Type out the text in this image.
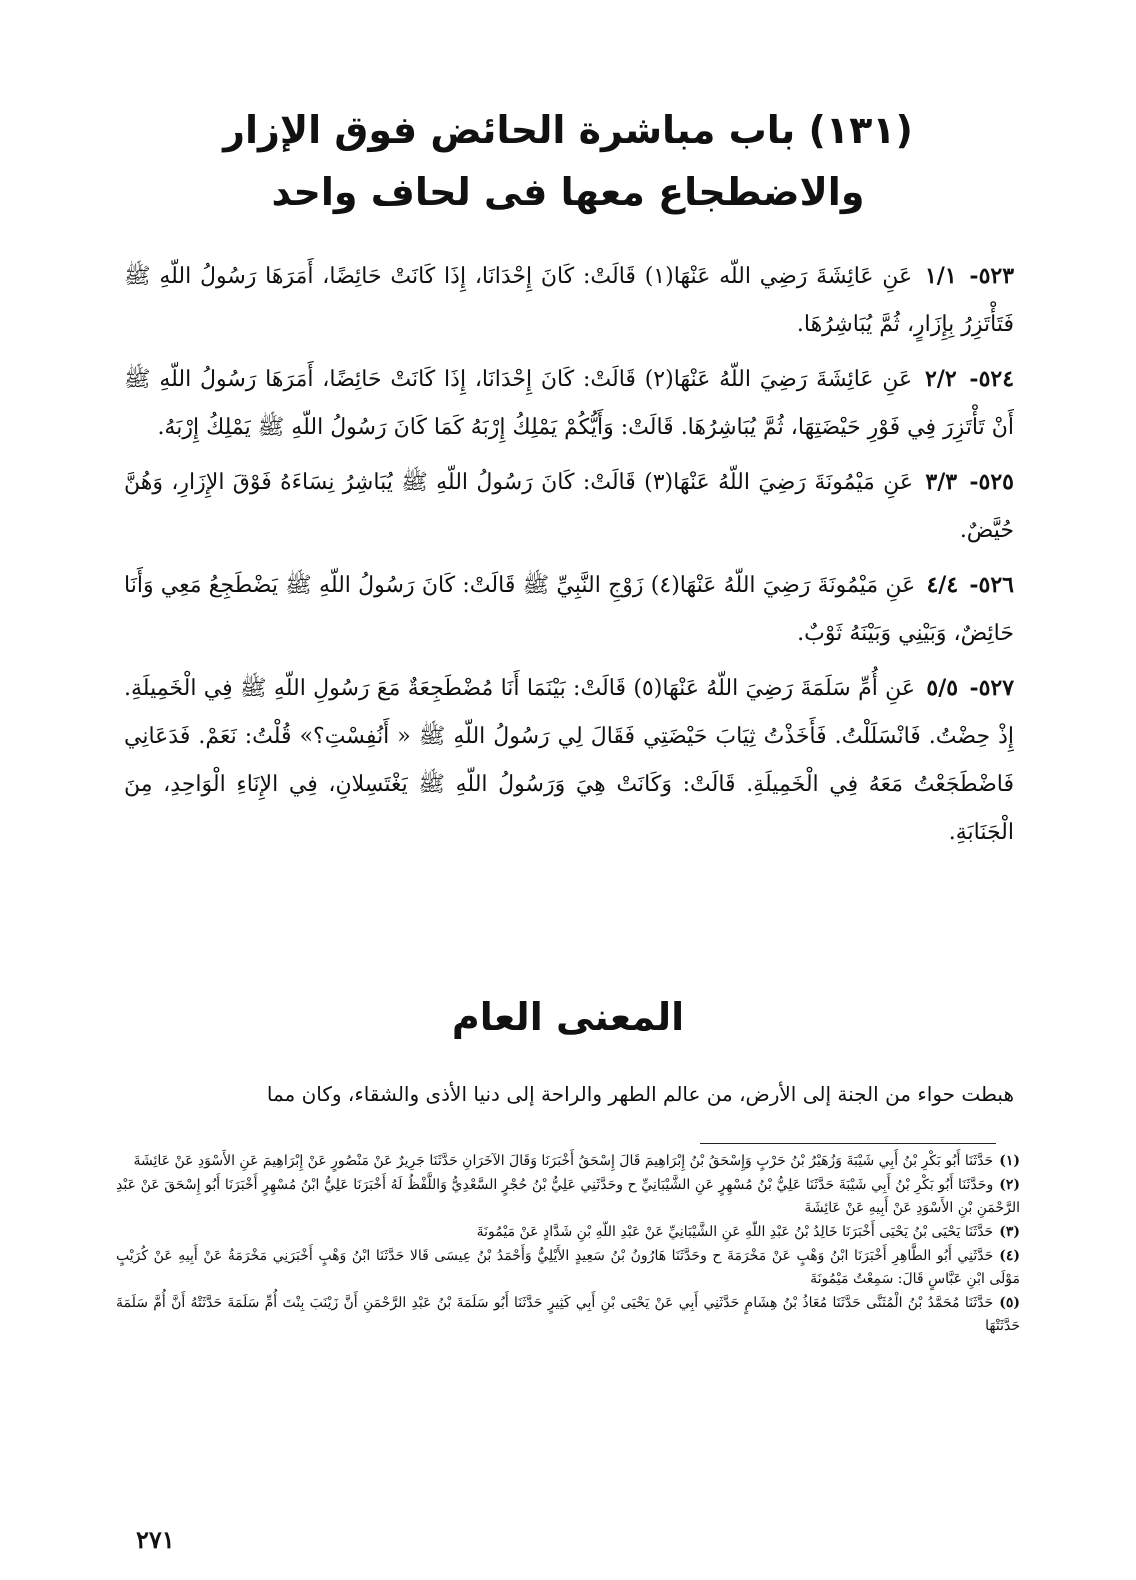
(١٣١) باب مباشرة الحائض فوق الإزار
والاضطجاع معها فى لحاف واحد

٥٢٣- ١/١ عَنِ عَائِشَةَ رَضِي اللّه عَنْهَا(١) قَالَتْ: كَانَ إِحْدَانَا، إِذَا كَانَتْ حَائِضًا، أَمَرَهَا رَسُولُ اللّهِ ﷺ فَتَأْتَزِرُ بِإِزَارٍ، ثُمَّ يُبَاشِرُهَا.

٥٢٤- ٢/٢ عَنِ عَائِشَةَ رَضِيَ اللّهُ عَنْهَا(٢) قَالَتْ: كَانَ إِحْدَانَا، إِذَا كَانَتْ حَائِضًا، أَمَرَهَا رَسُولُ اللّهِ ﷺ أَنْ تَأْتَزِرَ فِي فَوْرِ حَيْضَتِهَا، ثُمَّ يُبَاشِرُهَا. قَالَتْ: وَأَيُّكُمْ يَمْلِكُ إِرْبَهُ كَمَا كَانَ رَسُولُ اللّهِ ﷺ يَمْلِكُ إِرْبَهُ.

٥٢٥- ٣/٣ عَنِ مَيْمُونَةَ رَضِيَ اللّهُ عَنْهَا(٣) قَالَتْ: كَانَ رَسُولُ اللّهِ ﷺ يُبَاشِرُ نِسَاءَهُ فَوْقَ الإِزَارِ، وَهُنَّ حُيَّضٌ.

٥٢٦- ٤/٤ عَنِ مَيْمُونَةَ رَضِيَ اللّهُ عَنْهَا(٤) زَوْجِ النَّبِيِّ ﷺ قَالَتْ: كَانَ رَسُولُ اللّهِ ﷺ يَضْطَجِعُ مَعِي وَأَنَا حَائِضٌ، وَبَيْنِي وَبَيْنَهُ ثَوْبٌ.

٥٢٧- ٥/٥ عَنِ أُمِّ سَلَمَةَ رَضِيَ اللّهُ عَنْهَا(٥) قَالَتْ: بَيْنَمَا أَنَا مُضْطَجِعَةٌ مَعَ رَسُولِ اللّهِ ﷺ فِي الْخَمِيلَةِ. إِذْ حِضْتُ. فَانْسَلَلْتُ. فَأَخَذْتُ ثِيَابَ حَيْضَتِي فَقَالَ لِي رَسُولُ اللّهِ ﷺ « أَنُفِسْتِ؟» قُلْتُ: نَعَمْ. فَدَعَانِي فَاضْطَجَعْتُ مَعَهُ فِي الْخَمِيلَةِ. قَالَتْ: وَكَانَتْ هِيَ وَرَسُولُ اللّهِ ﷺ يَغْتَسِلانِ، فِي الإِنَاءِ الْوَاحِدِ، مِنَ الْجَنَابَةِ.

المعنى العام

هبطت حواء من الجنة إلى الأرض، من عالم الطهر والراحة إلى دنيا الأذى والشقاء، وكان مما

(١)حَدَّثَنَا أَبُو بَكْرِ بْنُ أَبِي شَيْبَةَ وَزُهَيْرُ بْنُ حَرْبٍ وَإِسْحَقُ بْنُ إِبْرَاهِيمَ قَالَ إِسْحَقُ أَخْبَرَنَا وَقَالَ الآخَرَانِ حَدَّثَنَا جَرِيرٌ عَنْ مَنْصُورٍ عَنْ إِبْرَاهِيمَ عَنِ الأَسْوَدِ عَنْ عَائِشَةَ

(٢)وحَدَّثَنَا أَبُو بَكْرِ بْنُ أَبِي شَيْبَةَ حَدَّثَنَا عَلِيُّ بْنُ مُسْهِرٍ عَنِ الشَّيْبَانِيِّ ح وحَدَّثَنِي عَلِيُّ بْنُ حُجْرٍ السَّعْدِيُّ وَاللَّفْظُ لَهُ أَخْبَرَنَا عَلِيُّ ابْنُ مُسْهِرٍ أَخْبَرَنَا أَبُو إِسْحَقَ عَنْ عَبْدِ الرَّحْمَنِ بْنِ الأَسْوَدِ عَنْ أَبِيهِ عَنْ عَائِشَةَ

(٣)حَدَّثَنَا يَحْيَى بْنُ يَحْيَى أَخْبَرَنَا خَالِدُ بْنُ عَبْدِ اللّهِ عَنِ الشَّيْبَانِيِّ عَنْ عَبْدِ اللّهِ بْنِ شَدَّادٍ عَنْ مَيْمُونَةَ

(٤)حَدَّثَنِي أَبُو الطَّاهِرِ أَخْبَرَنَا ابْنُ وَهْبٍ عَنْ مَخْرَمَةَ ح وحَدَّثَنَا هَارُونُ بْنُ سَعِيدٍ الأَيْلِيُّ وَأَحْمَدُ بْنُ عِيسَى قَالا حَدَّثَنَا ابْنُ وَهْبٍ أَخْبَرَنِي مَخْرَمَةُ عَنْ أَبِيهِ عَنْ كُرَيْبٍ مَوْلَى ابْنِ عَبَّاسٍ قَالَ: سَمِعْتُ مَيْمُونَةَ

(٥)حَدَّثَنَا مُحَمَّدُ بْنُ الْمُثَنَّى حَدَّثَنَا مُعَاذُ بْنُ هِشَامٍ حَدَّثَنِي أَبِي عَنْ يَحْيَى بْنِ أَبِي كَثِيرٍ حَدَّثَنَا أَبُو سَلَمَةَ بْنُ عَبْدِ الرَّحْمَنِ أَنَّ زَيْنَبَ بِنْتَ أُمِّ سَلَمَةَ حَدَّثَتْهُ أَنَّ أُمَّ سَلَمَةَ حَدَّثَتْهَا

٢٧١
